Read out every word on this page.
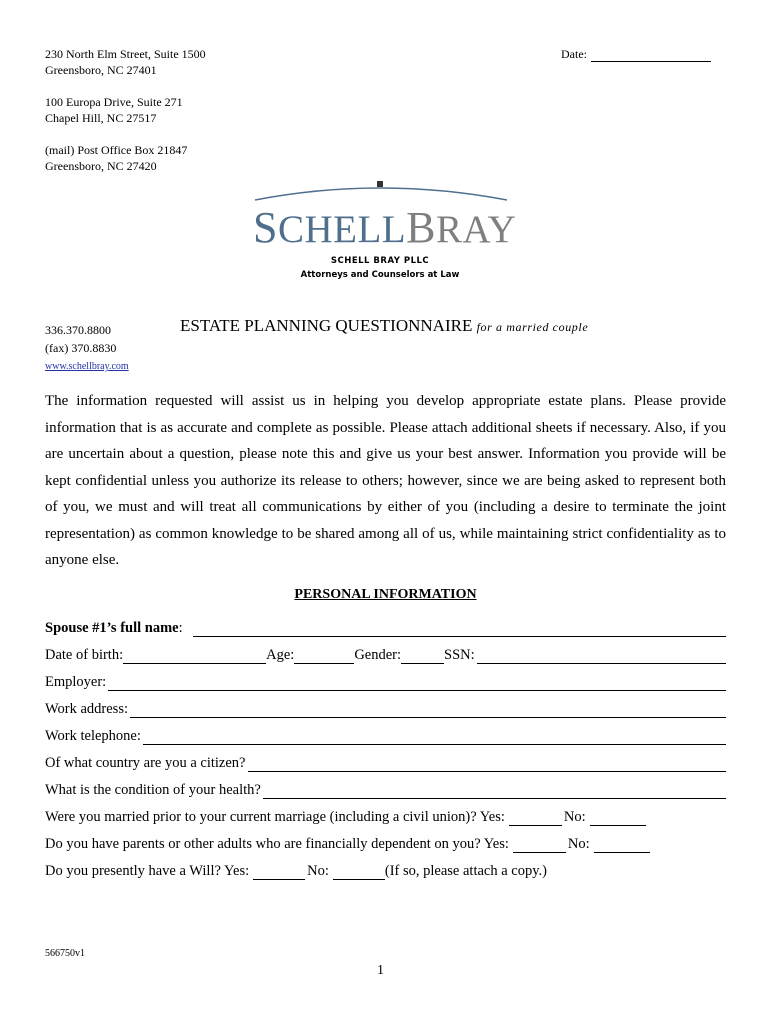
230 North Elm Street, Suite 1500
Greensboro, NC 27401
100 Europa Drive, Suite 271
Chapel Hill, NC 27517
(mail) Post Office Box 21847
Greensboro, NC 27420
Date:
SCHELLBRAY
SCHELL BRAY PLLC
Attorneys and Counselors at Law
336.370.8800
(fax) 370.8830
ESTATE PLANNING QUESTIONNAIRE for a married couple
www.schellbray.com
The information requested will assist us in helping you develop appropriate estate plans. Please provide information that is as accurate and complete as possible. Please attach additional sheets if necessary. Also, if you are uncertain about a question, please note this and give us your best answer. Information you provide will be kept confidential unless you authorize its release to others; however, since we are being asked to represent both of you, we must and will treat all communications by either of you (including a desire to terminate the joint representation) as common knowledge to be shared among all of us, while maintaining strict confidentiality as to anyone else.
PERSONAL INFORMATION
Spouse #1’s full name :
Date of birth:	Age:	Gender:	SSN:
Employer:
Work address:
Work telephone:
Of what country are you a citizen?
What is the condition of your health?
Were you married prior to your current marriage (including a civil union)? Yes:	No:
Do you have parents or other adults who are financially dependent on you? Yes:	No:
Do you presently have a Will? Yes:	No:	(If so, please attach a copy.)
566750v1
1
